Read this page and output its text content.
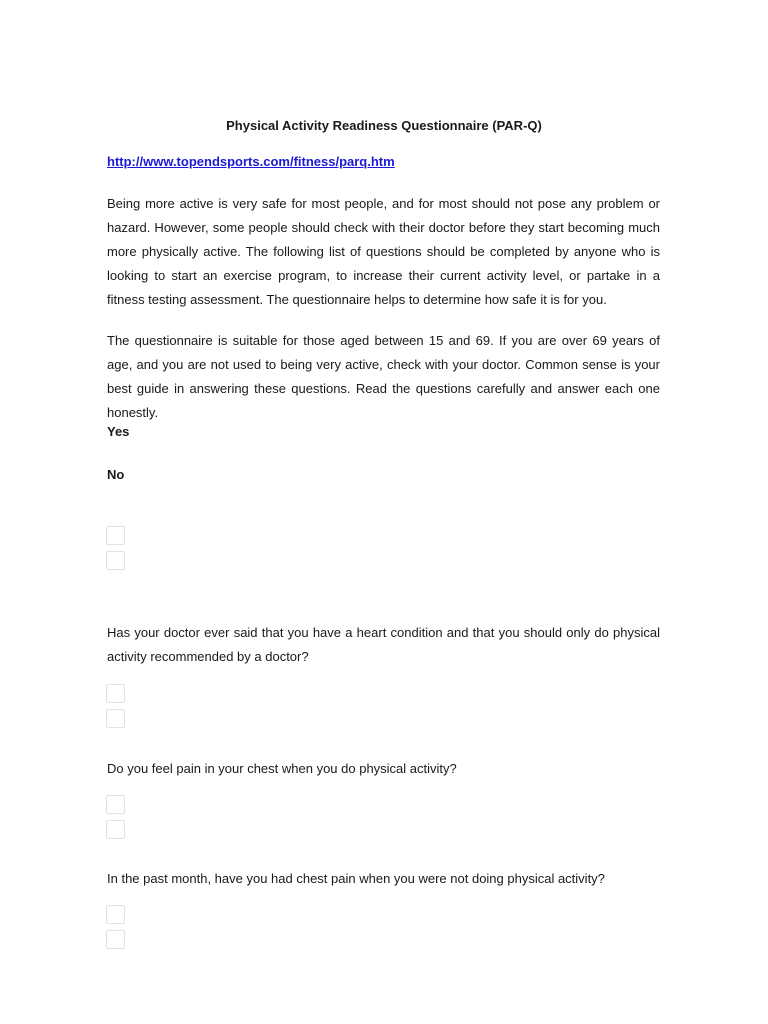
Physical Activity Readiness Questionnaire (PAR-Q)
http://www.topendsports.com/fitness/parq.htm

Being more active is very safe for most people, and for most should not pose any problem or hazard. However, some people should check with their doctor before they start becoming much more physically active. The following list of questions should be completed by anyone who is looking to start an exercise program, to increase their current activity level, or partake in a fitness testing assessment. The questionnaire helps to determine how safe it is for you.

The questionnaire is suitable for those aged between 15 and 69. If you are over 69 years of age, and you are not used to being very active, check with your doctor. Common sense is your best guide in answering these questions. Read the questions carefully and answer each one honestly.

Yes
No

Has your doctor ever said that you have a heart condition and that you should only do physical activity recommended by a doctor?

Do you feel pain in your chest when you do physical activity?

In the past month, have you had chest pain when you were not doing physical activity?
